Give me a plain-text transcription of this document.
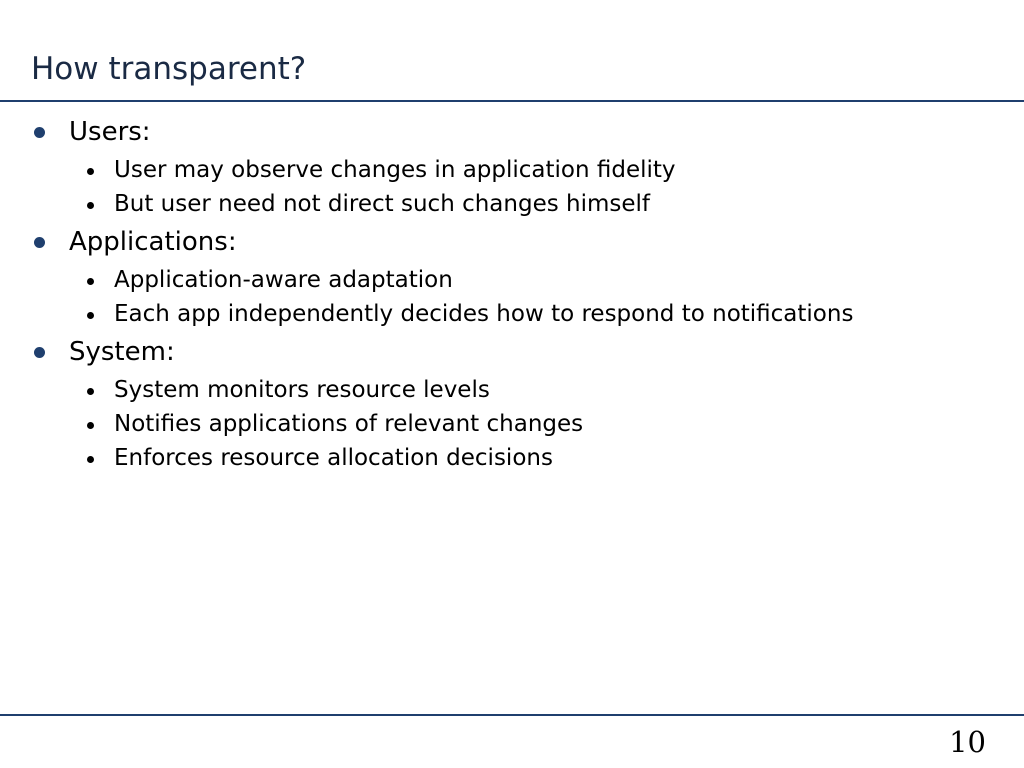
How transparent?
Users:
User may observe changes in application fidelity
But user need not direct such changes himself
Applications:
Application-aware adaptation
Each app independently decides how to respond to notifications
System:
System monitors resource levels
Notifies applications of relevant changes
Enforces resource allocation decisions
10
